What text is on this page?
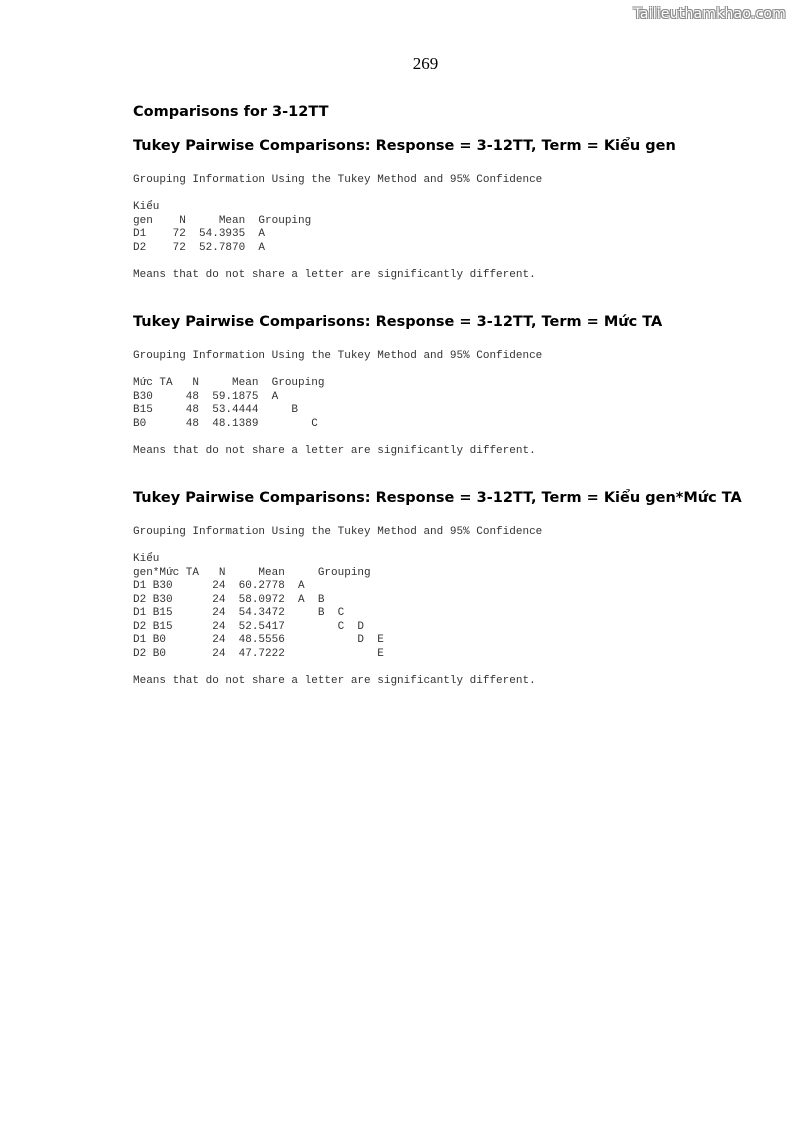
Tailieuthamkhao.com
269
Comparisons for 3-12TT
Tukey Pairwise Comparisons: Response = 3-12TT, Term = Kiểu gen
Grouping Information Using the Tukey Method and 95% Confidence
Kiểu
gen    N     Mean  Grouping
D1    72  54.3935  A
D2    72  52.7870  A
Means that do not share a letter are significantly different.
Tukey Pairwise Comparisons: Response = 3-12TT, Term = Mức TA
Grouping Information Using the Tukey Method and 95% Confidence
Mức TA   N     Mean  Grouping
B30     48  59.1875  A
B15     48  53.4444     B
B0      48  48.1389        C
Means that do not share a letter are significantly different.
Tukey Pairwise Comparisons: Response = 3-12TT, Term = Kiểu gen*Mức TA
Grouping Information Using the Tukey Method and 95% Confidence
Kiểu
gen*Mức TA   N     Mean     Grouping
D1 B30      24  60.2778  A
D2 B30      24  58.0972  A  B
D1 B15      24  54.3472     B  C
D2 B15      24  52.5417        C  D
D1 B0       24  48.5556           D  E
D2 B0       24  47.7222              E
Means that do not share a letter are significantly different.
